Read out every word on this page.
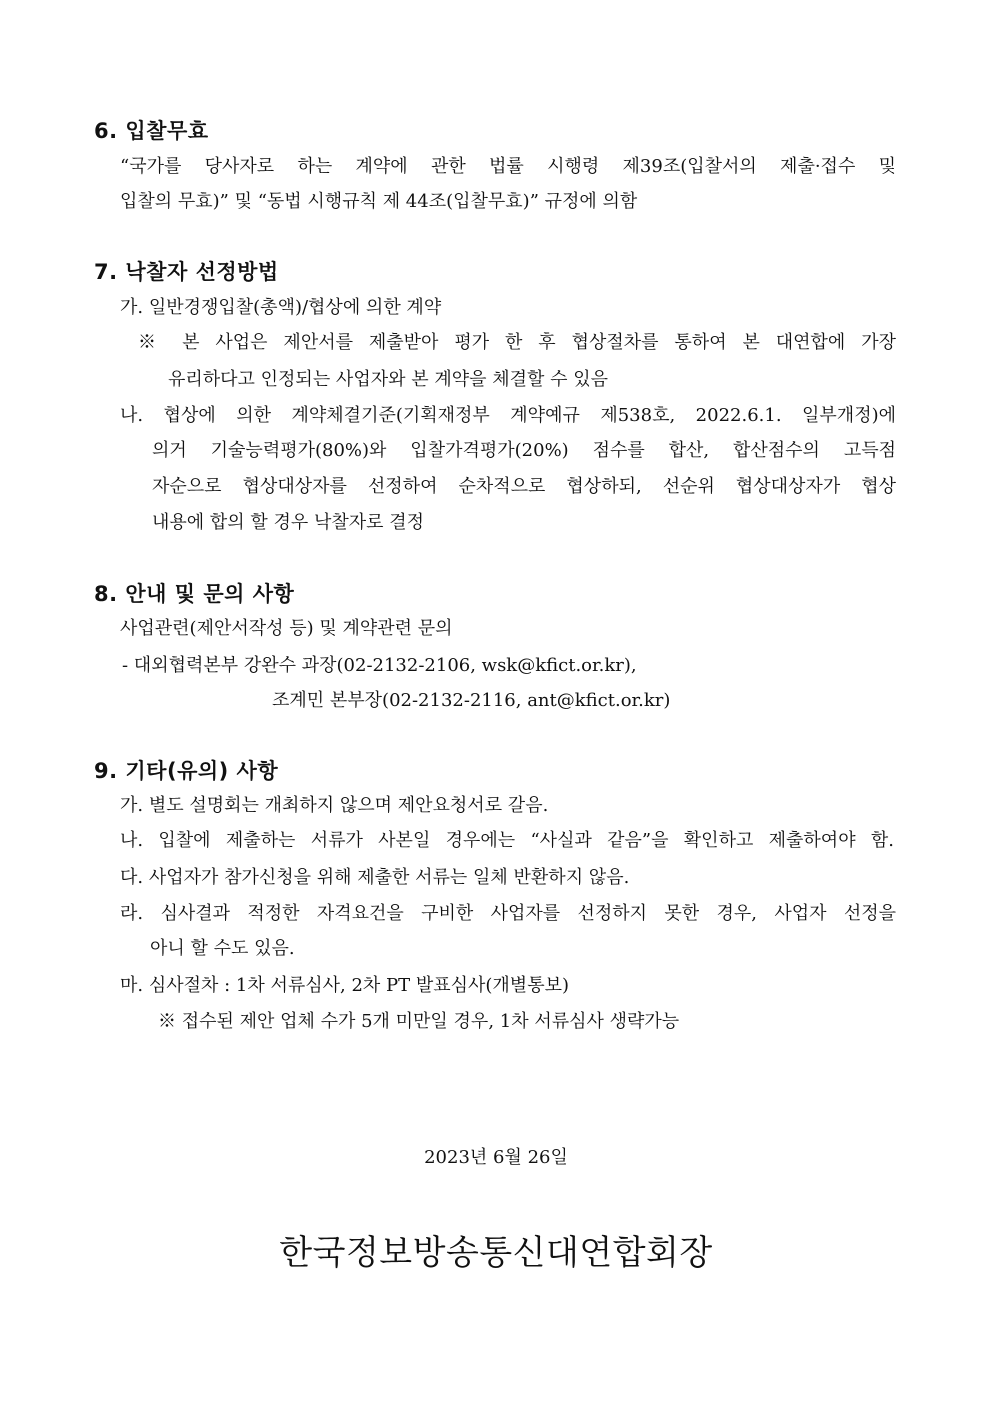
6. 입찰무효
“국가를 당사자로 하는 계약에 관한 법률 시행령 제39조(입찰서의 제출·접수 및
입찰의 무효)” 및 “동법 시행규칙 제 44조(입찰무효)” 규정에 의함
7. 낙찰자 선정방법
가. 일반경쟁입찰(총액)/협상에 의한 계약
※ 본 사업은 제안서를 제출받아 평가 한 후 협상절차를 통하여 본 대연합에 가장
유리하다고 인정되는 사업자와 본 계약을 체결할 수 있음
나. 협상에 의한 계약체결기준(기획재정부 계약예규 제538호, 2022.6.1. 일부개정)에
의거 기술능력평가(80%)와 입찰가격평가(20%) 점수를 합산, 합산점수의 고득점
자순으로 협상대상자를 선정하여 순차적으로 협상하되, 선순위 협상대상자가 협상
내용에 합의 할 경우 낙찰자로 결정
8. 안내 및 문의 사항
사업관련(제안서작성 등) 및 계약관련 문의
- 대외협력본부 강완수 과장(02-2132-2106, wsk@kfict.or.kr),
조계민 본부장(02-2132-2116, ant@kfict.or.kr)
9. 기타(유의) 사항
가. 별도 설명회는 개최하지 않으며 제안요청서로 갈음.
나. 입찰에 제출하는 서류가 사본일 경우에는 “사실과 같음”을 확인하고 제출하여야 함.
다. 사업자가 참가신청을 위해 제출한 서류는 일체 반환하지 않음.
라. 심사결과 적정한 자격요건을 구비한 사업자를 선정하지 못한 경우, 사업자 선정을
아니 할 수도 있음.
마. 심사절차 : 1차 서류심사, 2차 PT 발표심사(개별통보)
※ 접수된 제안 업체 수가 5개 미만일 경우, 1차 서류심사 생략가능
2023년 6월 26일
한국정보방송통신대연합회장
